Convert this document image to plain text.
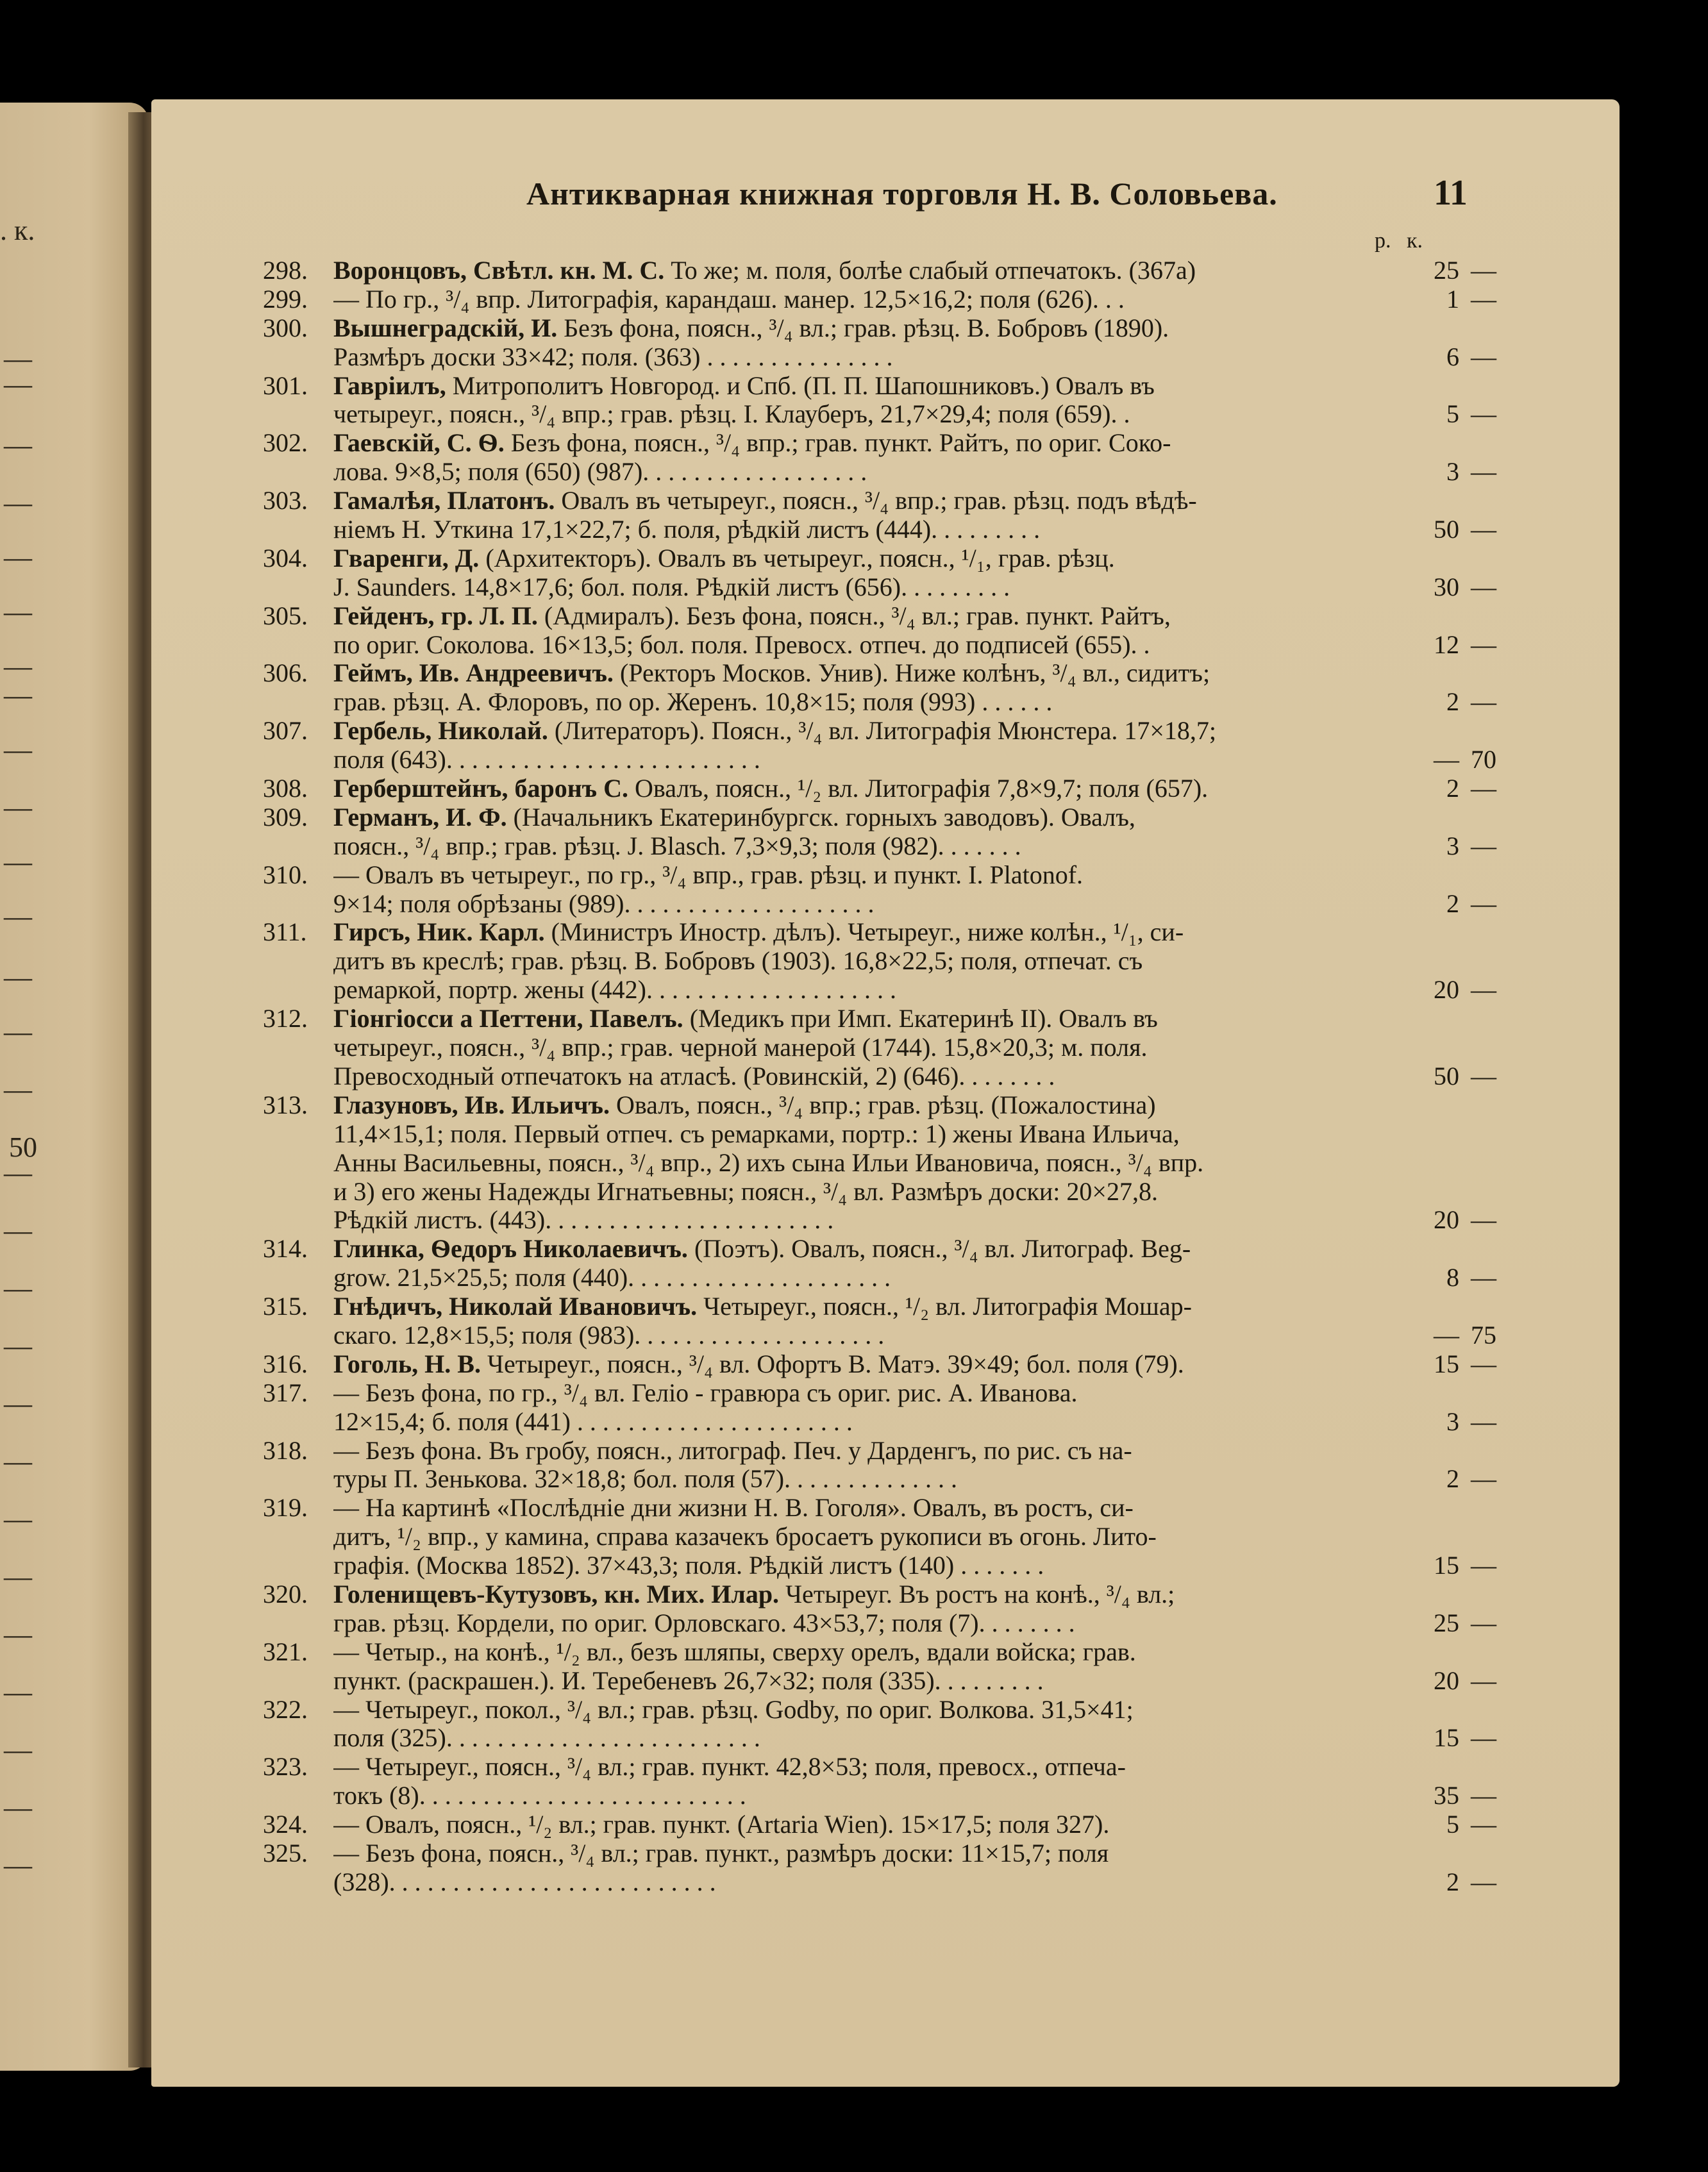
. к.
—
—
—
—
—
—
—
—
—
—
—
—
—
—
—
50
—
—
—
—
—
—
—
—
—
—
—
—
—
Антикварная книжная торговля Н. В. Соловьева.	11
р. к.
298.	Воронцовъ, Свѣтл. кн. М. С. То же; м. поля, болѣе слабый отпечатокъ. (367а)	25 —
299.	— По гр., ³/₄ впр. Литографія, карандаш. манер. 12,5×16,2; поля (626). . .	1 —
300.	Вышнеградскій, И. Безъ фона, поясн., ³/₄ вл.; грав. рѣзц. В. Бобровъ (1890).
Размѣръ доски 33×42; поля. (363) . . . . . . . . . . . . . . .	6 —
301.	Гавріилъ, Митрополитъ Новгород. и Спб. (П. П. Шапошниковъ.) Овалъ въ
четыреуг., поясн., ³/₄ впр.; грав. рѣзц. І. Клауберъ, 21,7×29,4; поля (659). .	5 —
302.	Гаевскій, С. Ѳ. Безъ фона, поясн., ³/₄ впр.; грав. пункт. Райтъ, по ориг. Соко-
лова. 9×8,5; поля (650) (987). . . . . . . . . . . . . . . . . .	3 —
303.	Гамалѣя, Платонъ. Овалъ въ четыреуг., поясн., ³/₄ впр.; грав. рѣзц. подъ вѣдѣ-
ніемъ Н. Уткина 17,1×22,7; б. поля, рѣдкій листъ (444). . . . . . . . .	50 —
304.	Гваренги, Д. (Архитекторъ). Овалъ въ четыреуг., поясн., ¹/₁, грав. рѣзц.
J. Saunders. 14,8×17,6; бол. поля. Рѣдкій листъ (656). . . . . . . . .	30 —
305.	Гейденъ, гр. Л. П. (Адмиралъ). Безъ фона, поясн., ³/₄ вл.; грав. пункт. Райтъ,
по ориг. Соколова. 16×13,5; бол. поля. Превосх. отпеч. до подписей (655). .	12 —
306.	Геймъ, Ив. Андреевичъ. (Ректоръ Москов. Унив). Ниже колѣнъ, ³/₄ вл., сидитъ;
грав. рѣзц. А. Флоровъ, по ор. Жеренъ. 10,8×15; поля (993) . . . . . .	2 —
307.	Гербель, Николай. (Литераторъ). Поясн., ³/₄ вл. Литографія Мюнстера. 17×18,7;
поля (643). . . . . . . . . . . . . . . . . . . . . . . . .	— 70
308.	Герберштейнъ, баронъ С. Овалъ, поясн., ¹/₂ вл. Литографія 7,8×9,7; поля (657).	2 —
309.	Германъ, И. Ф. (Начальникъ Екатеринбургск. горныхъ заводовъ). Овалъ,
поясн., ³/₄ впр.; грав. рѣзц. J. Blasch. 7,3×9,3; поля (982). . . . . . .	3 —
310.	— Овалъ въ четыреуг., по гр., ³/₄ впр., грав. рѣзц. и пункт. I. Platonof.
9×14; поля обрѣзаны (989). . . . . . . . . . . . . . . . . . . .	2 —
311.	Гирсъ, Ник. Карл. (Министръ Иностр. дѣлъ). Четыреуг., ниже колѣн., ¹/₁, си-
дитъ въ креслѣ; грав. рѣзц. В. Бобровъ (1903). 16,8×22,5; поля, отпечат. съ
ремаркой, портр. жены (442). . . . . . . . . . . . . . . . . . . .	20 —
312.	Гіонгіосси а Петтени, Павелъ. (Медикъ при Имп. Екатеринѣ II). Овалъ въ
четыреуг., поясн., ³/₄ впр.; грав. черной манерой (1744). 15,8×20,3; м. поля.
Превосходный отпечатокъ на атласѣ. (Ровинскій, 2) (646). . . . . . . .	50 —
313.	Глазуновъ, Ив. Ильичъ. Овалъ, поясн., ³/₄ впр.; грав. рѣзц. (Пожалостина)
11,4×15,1; поля. Первый отпеч. съ ремарками, портр.: 1) жены Ивана Ильича,
Анны Васильевны, поясн., ³/₄ впр., 2) ихъ сына Ильи Ивановича, поясн., ³/₄ впр.
и 3) его жены Надежды Игнатьевны; поясн., ³/₄ вл. Размѣръ доски: 20×27,8.
Рѣдкій листъ. (443). . . . . . . . . . . . . . . . . . . . . . .	20 —
314.	Глинка, Ѳедоръ Николаевичъ. (Поэтъ). Овалъ, поясн., ³/₄ вл. Литограф. Beg-
grow. 21,5×25,5; поля (440). . . . . . . . . . . . . . . . . . . . .	8 —
315.	Гнѣдичъ, Николай Ивановичъ. Четыреуг., поясн., ¹/₂ вл. Литографія Мошар-
скаго. 12,8×15,5; поля (983). . . . . . . . . . . . . . . . . . . .	— 75
316.	Гоголь, Н. В. Четыреуг., поясн., ³/₄ вл. Офортъ В. Матэ. 39×49; бол. поля (79).	15 —
317.	— Безъ фона, по гр., ³/₄ вл. Геліо - гравюра съ ориг. рис. А. Иванова.
12×15,4; б. поля (441) . . . . . . . . . . . . . . . . . . . . . .	3 —
318.	— Безъ фона. Въ гробу, поясн., литограф. Печ. у Дарденгъ, по рис. съ на-
туры П. Зенькова. 32×18,8; бол. поля (57). . . . . . . . . . . . . .	2 —
319.	— На картинѣ «Послѣдніе дни жизни Н. В. Гоголя». Овалъ, въ ростъ, си-
дитъ, ¹/₂ впр., у камина, справа казачекъ бросаетъ рукописи въ огонь. Лито-
графія. (Москва 1852). 37×43,3; поля. Рѣдкій листъ (140) . . . . . . .	15 —
320.	Голенищевъ-Кутузовъ, кн. Мих. Илар. Четыреуг. Въ ростъ на конѣ., ³/₄ вл.;
грав. рѣзц. Кордели, по ориг. Орловскаго. 43×53,7; поля (7). . . . . . . .	25 —
321.	— Четыр., на конѣ., ¹/₂ вл., безъ шляпы, сверху орелъ, вдали войска; грав.
пункт. (раскрашен.). И. Теребеневъ 26,7×32; поля (335). . . . . . . . .	20 —
322.	— Четыреуг., покол., ³/₄ вл.; грав. рѣзц. Godby, по ориг. Волкова. 31,5×41;
поля (325). . . . . . . . . . . . . . . . . . . . . . . . .	15 —
323.	— Четыреуг., поясн., ³/₄ вл.; грав. пункт. 42,8×53; поля, превосх., отпеча-
токъ (8). . . . . . . . . . . . . . . . . . . . . . . . . .	35 —
324.	— Овалъ, поясн., ¹/₂ вл.; грав. пункт. (Artaria Wien). 15×17,5; поля 327).	5 —
325.	— Безъ фона, поясн., ³/₄ вл.; грав. пункт., размѣръ доски: 11×15,7; поля
(328). . . . . . . . . . . . . . . . . . . . . . . . . .	2 —
